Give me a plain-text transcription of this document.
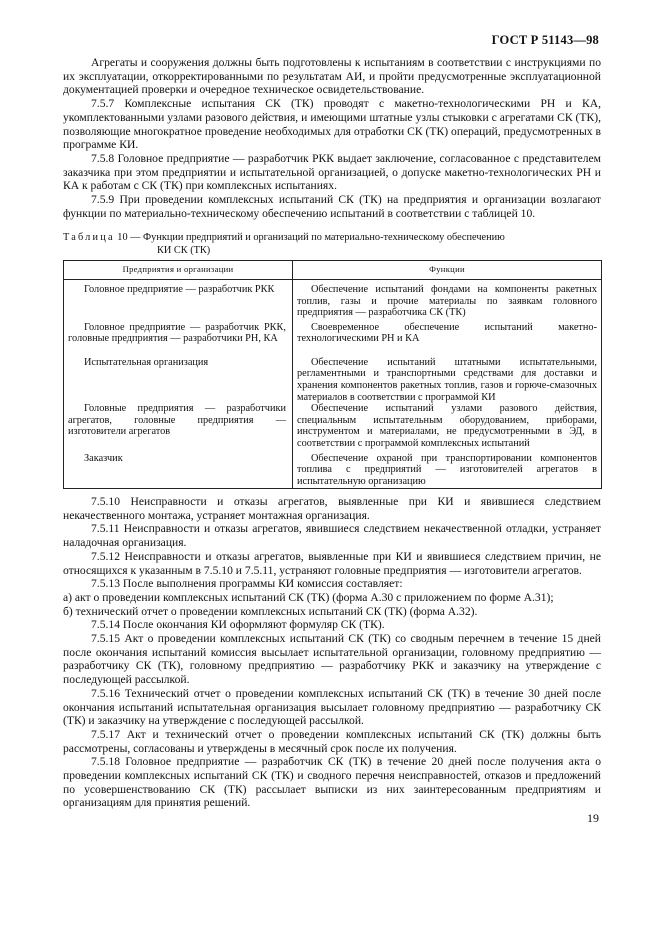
ГОСТ Р 51143—98

Агрегаты и сооружения должны быть подготовлены к испытаниям в соответствии с инструкциями по их эксплуатации, откорректированными по результатам АИ, и пройти предусмотренные эксплуатационной документацией проверки и очередное техническое освидетельствование.

7.5.7 Комплексные испытания СК (ТК) проводят с макетно-технологическими РН и КА, укомплектованными узлами разового действия, и имеющими штатные узлы стыковки с агрегатами СК (ТК), позволяющие многократное проведение необходимых для отработки СК (ТК) операций, предусмотренных в программе КИ.

7.5.8 Головное предприятие — разработчик РКК выдает заключение, согласованное с представителем заказчика при этом предприятии и испытательной организацией, о допуске макетно-технологических РН и КА к работам с СК (ТК) при комплексных испытаниях.

7.5.9 При проведении комплексных испытаний СК (ТК) на предприятия и организации возлагают функции по материально-техническому обеспечению испытаний в соответствии с таблицей 10.

Таблица 10 — Функции предприятий и организаций по материально-техническому обеспечению
КИ СК (ТК)
Предприятия и организации	Функции

Головное предприятие — разработчик РКК	Обеспечение испытаний фондами на компоненты ракетных топлив, газы и прочие материалы по заявкам головного предприятия — разработчика СК (ТК)

Головное предприятие — разработчик РКК, головные предприятия — разработчики РН, КА	Своевременное обеспечение испытаний макетно-технологическими РН и КА

Испытательная организация	Обеспечение испытаний штатными испытательными, регламентными и транспортными средствами для доставки и хранения компонентов ракетных топлив, газов и горюче-смазочных материалов в соответствии с программой КИ

Головные предприятия — разработчики агрегатов, головные предприятия — изготовители агрегатов	Обеспечение испытаний узлами разового действия, специальным испытательным оборудованием, приборами, инструментом и материалами, не предусмотренными в ЭД, в соответствии с программой комплексных испытаний

Заказчик	Обеспечение охраной при транспортировании компонентов топлива с предприятий — изготовителей агрегатов в испытательную организацию

7.5.10 Неисправности и отказы агрегатов, выявленные при КИ и явившиеся следствием некачественного монтажа, устраняет монтажная организация.

7.5.11 Неисправности и отказы агрегатов, явившиеся следствием некачественной отладки, устраняет наладочная организация.

7.5.12 Неисправности и отказы агрегатов, выявленные при КИ и явившиеся следствием причин, не относящихся к указанным в 7.5.10 и 7.5.11, устраняют головные предприятия — изготовители агрегатов.

7.5.13 После выполнения программы КИ комиссия составляет:

а) акт о проведении комплексных испытаний СК (ТК) (форма А.30 с приложением по форме А.31);

б) технический отчет о проведении комплексных испытаний СК (ТК) (форма А.32).

7.5.14 После окончания КИ оформляют формуляр СК (ТК).

7.5.15 Акт о проведении комплексных испытаний СК (ТК) со сводным перечнем в течение 15 дней после окончания испытаний комиссия высылает испытательной организации, головному предприятию — разработчику СК (ТК), головному предприятию — разработчику РКК и заказчику на утверждение с последующей рассылкой.

7.5.16 Технический отчет о проведении комплексных испытаний СК (ТК) в течение 30 дней после окончания испытаний испытательная организация высылает головному предприятию — разработчику СК (ТК) и заказчику на утверждение с последующей рассылкой.

7.5.17 Акт и технический отчет о проведении комплексных испытаний СК (ТК) должны быть рассмотрены, согласованы и утверждены в месячный срок после их получения.

7.5.18 Головное предприятие — разработчик СК (ТК) в течение 20 дней после получения акта о проведении комплексных испытаний СК (ТК) и сводного перечня неисправностей, отказов и предложений по усовершенствованию СК (ТК) рассылает выписки из них заинтересованным предприятиям и организациям для принятия решений.

19
